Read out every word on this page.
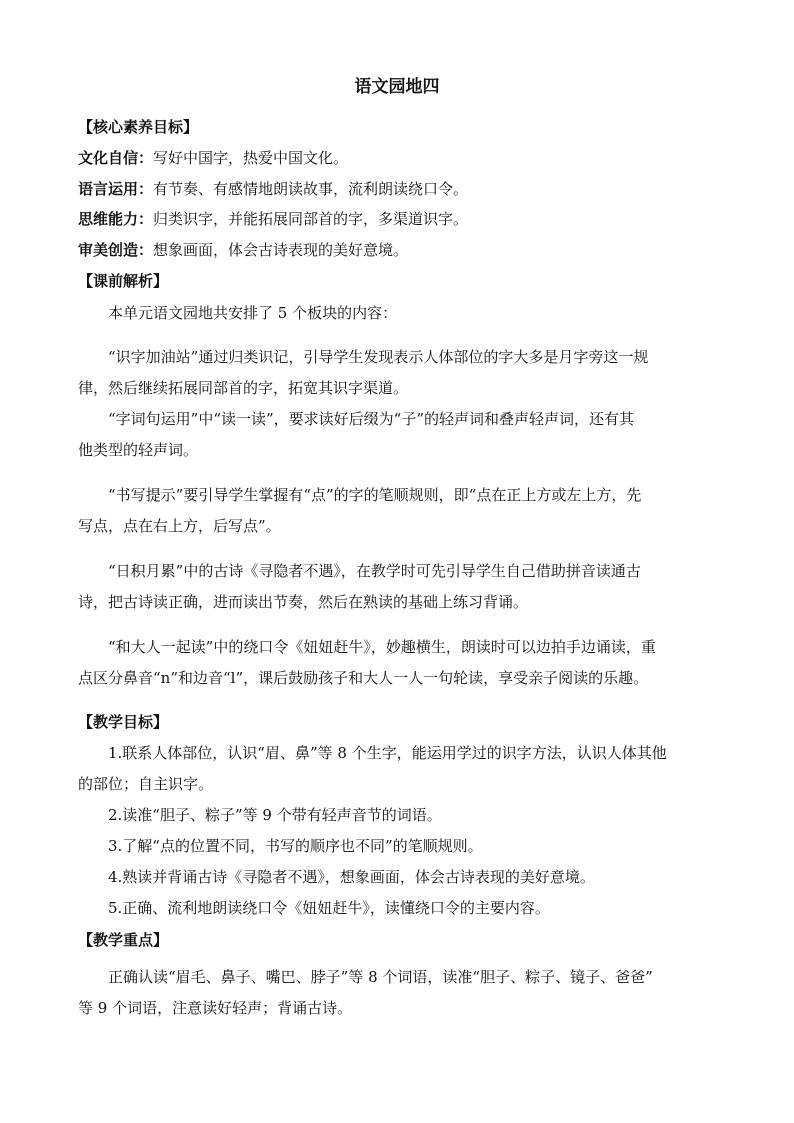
语文园地四
【核心素养目标】
文化自信：写好中国字，热爱中国文化。
语言运用：有节奏、有感情地朗读故事，流利朗读绕口令。
思维能力：归类识字，并能拓展同部首的字，多渠道识字。
审美创造：想象画面，体会古诗表现的美好意境。
【课前解析】
本单元语文园地共安排了 5 个板块的内容：
“识字加油站”通过归类识记，引导学生发现表示人体部位的字大多是月字旁这一规
律，然后继续拓展同部首的字，拓宽其识字渠道。
“字词句运用”中“读一读”，要求读好后缀为“子”的轻声词和叠声轻声词，还有其
他类型的轻声词。
“书写提示”要引导学生掌握有“点”的字的笔顺规则，即“点在正上方或左上方，先
写点，点在右上方，后写点”。
“日积月累”中的古诗《寻隐者不遇》，在教学时可先引导学生自己借助拼音读通古
诗，把古诗读正确，进而读出节奏，然后在熟读的基础上练习背诵。
“和大人一起读”中的绕口令《妞妞赶牛》，妙趣横生，朗读时可以边拍手边诵读，重
点区分鼻音“n”和边音“l”，课后鼓励孩子和大人一人一句轮读，享受亲子阅读的乐趣。
【教学目标】
1.联系人体部位，认识“眉、鼻”等 8 个生字，能运用学过的识字方法，认识人体其他
的部位；自主识字。
2.读准“胆子、粽子”等 9 个带有轻声音节的词语。
3.了解“点的位置不同，书写的顺序也不同”的笔顺规则。
4.熟读并背诵古诗《寻隐者不遇》，想象画面，体会古诗表现的美好意境。
5.正确、流利地朗读绕口令《妞妞赶牛》，读懂绕口令的主要内容。
【教学重点】
正确认读“眉毛、鼻子、嘴巴、脖子”等 8 个词语，读准“胆子、粽子、镜子、爸爸”
等 9 个词语，注意读好轻声；背诵古诗。
